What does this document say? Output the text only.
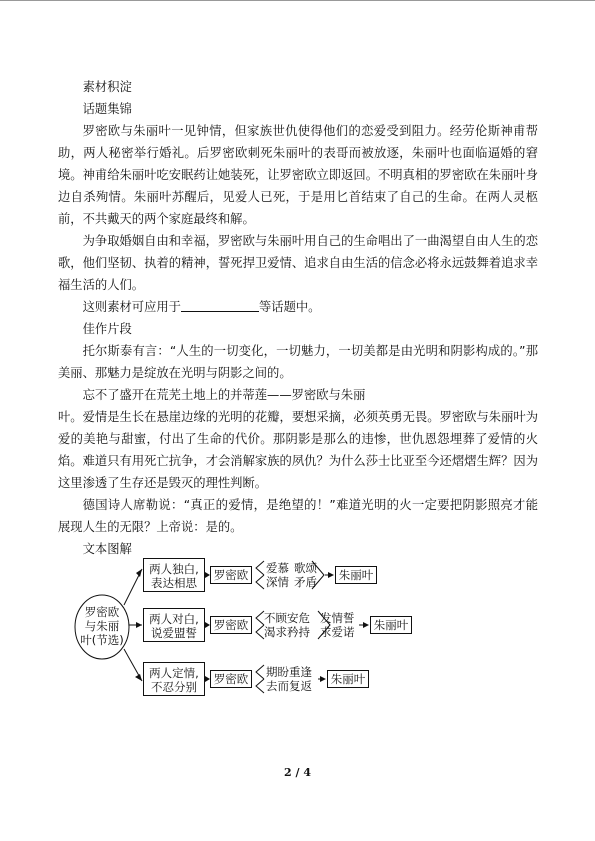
素材积淀

话题集锦

罗密欧与朱丽叶一见钟情，但家族世仇使得他们的恋爱受到阻力。经劳伦斯神甫帮助，两人秘密举行婚礼。后罗密欧刺死朱丽叶的表哥而被放逐，朱丽叶也面临逼婚的窘境。神甫给朱丽叶吃安眠药让她装死，让罗密欧立即返回。不明真相的罗密欧在朱丽叶身边自杀殉情。朱丽叶苏醒后，见爱人已死，于是用匕首结束了自己的生命。在两人灵柩前，不共戴天的两个家庭最终和解。

为争取婚姻自由和幸福，罗密欧与朱丽叶用自己的生命唱出了一曲渴望自由人生的恋歌，他们坚韧、执着的精神，誓死捍卫爱情、追求自由生活的信念必将永远鼓舞着追求幸福生活的人们。

这则素材可应用于	等话题中。

佳作片段

托尔斯泰有言：“人生的一切变化，一切魅力，一切美都是由光明和阴影构成的。”那美丽、那魅力是绽放在光明与阴影之间的。

忘不了盛开在荒芜土地上的并蒂莲——罗密欧与朱丽

叶。爱情是生长在悬崖边缘的光明的花瓣，要想采摘，必须英勇无畏。罗密欧与朱丽叶为爱的美艳与甜蜜，付出了生命的代价。那阴影是那么的违惨，世仇恩怨埋葬了爱情的火焰。难道只有用死亡抗争，才会消解家族的夙仇？为什么莎士比亚至今还熠熠生辉？因为这里渗透了生存还是毁灭的理性判断。

德国诗人席勒说：“真正的爱情，是绝望的！”难道光明的火一定要把阴影照亮才能展现人生的无限？上帝说：是的。

文本图解

罗密欧
与朱丽
叶(节选)
两人独白,
表达相思
罗密欧	爱慕
深情
歌颂
矛盾	朱丽叶
两人对白,
说爱盟誓
罗密欧	不顾安危
渴求矜持
发情誓
求爱诺	朱丽叶
两人定情,
不忍分别
罗密欧	期盼重逢
去而复返	朱丽叶
2 / 4
